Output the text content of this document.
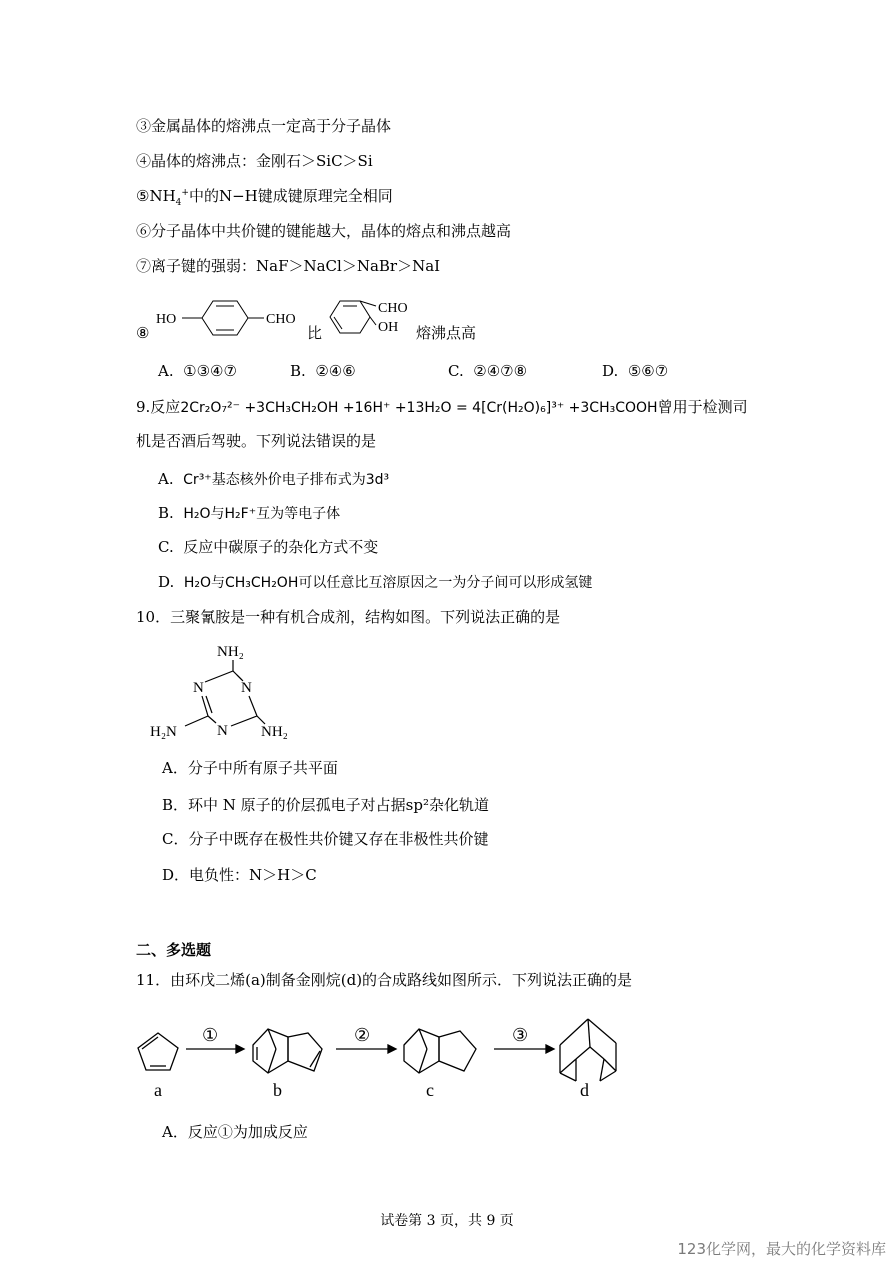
③金属晶体的熔沸点一定高于分子晶体
④晶体的熔沸点：金刚石＞SiC＞Si
$⑤NH_4^+$中的N−H键成键原理完全相同
⑥分子晶体中共价键的键能越大，晶体的熔点和沸点越高
⑦离子键的强弱：NaF＞NaCl＞NaBr＞NaI
⑧
HO	CHO
比
CHO
OH 熔沸点高
A. ①③④⑦	B. ②④⑥	C. ②④⑦⑧	D. ⑤⑥⑦
9.反应2Cr₂O₇²⁻ +3CH₃CH₂OH +16H⁺ +13H₂O = 4[Cr(H₂O)₆]³⁺ +3CH₃COOH曾用于检测司
机是否酒后驾驶。下列说法错误的是
A. Cr³⁺基态核外价电子排布式为3d³
B. H₂O与H₂F⁺互为等电子体
C. 反应中碳原子的杂化方式不变
D. H₂O与CH₃CH₂OH可以任意比互溶原因之一为分子间可以形成氢键
10．三聚氰胺是一种有机合成剂，结构如图。下列说法正确的是
NH₂
H₂N	NH₂
N N
N
A．分子中所有原子共平面
B．环中 N 原子的价层孤电子对占据sp²杂化轨道
C．分子中既存在极性共价键又存在非极性共价键
D．电负性：N＞H＞C
二、多选题
11．由环戊二烯(a)制备金刚烷(d)的合成路线如图所示．下列说法正确的是
①	②	③
a	b	c	d
A．反应①为加成反应
试卷第 3 页，共 9 页
123化学网，最大的化学资料库
